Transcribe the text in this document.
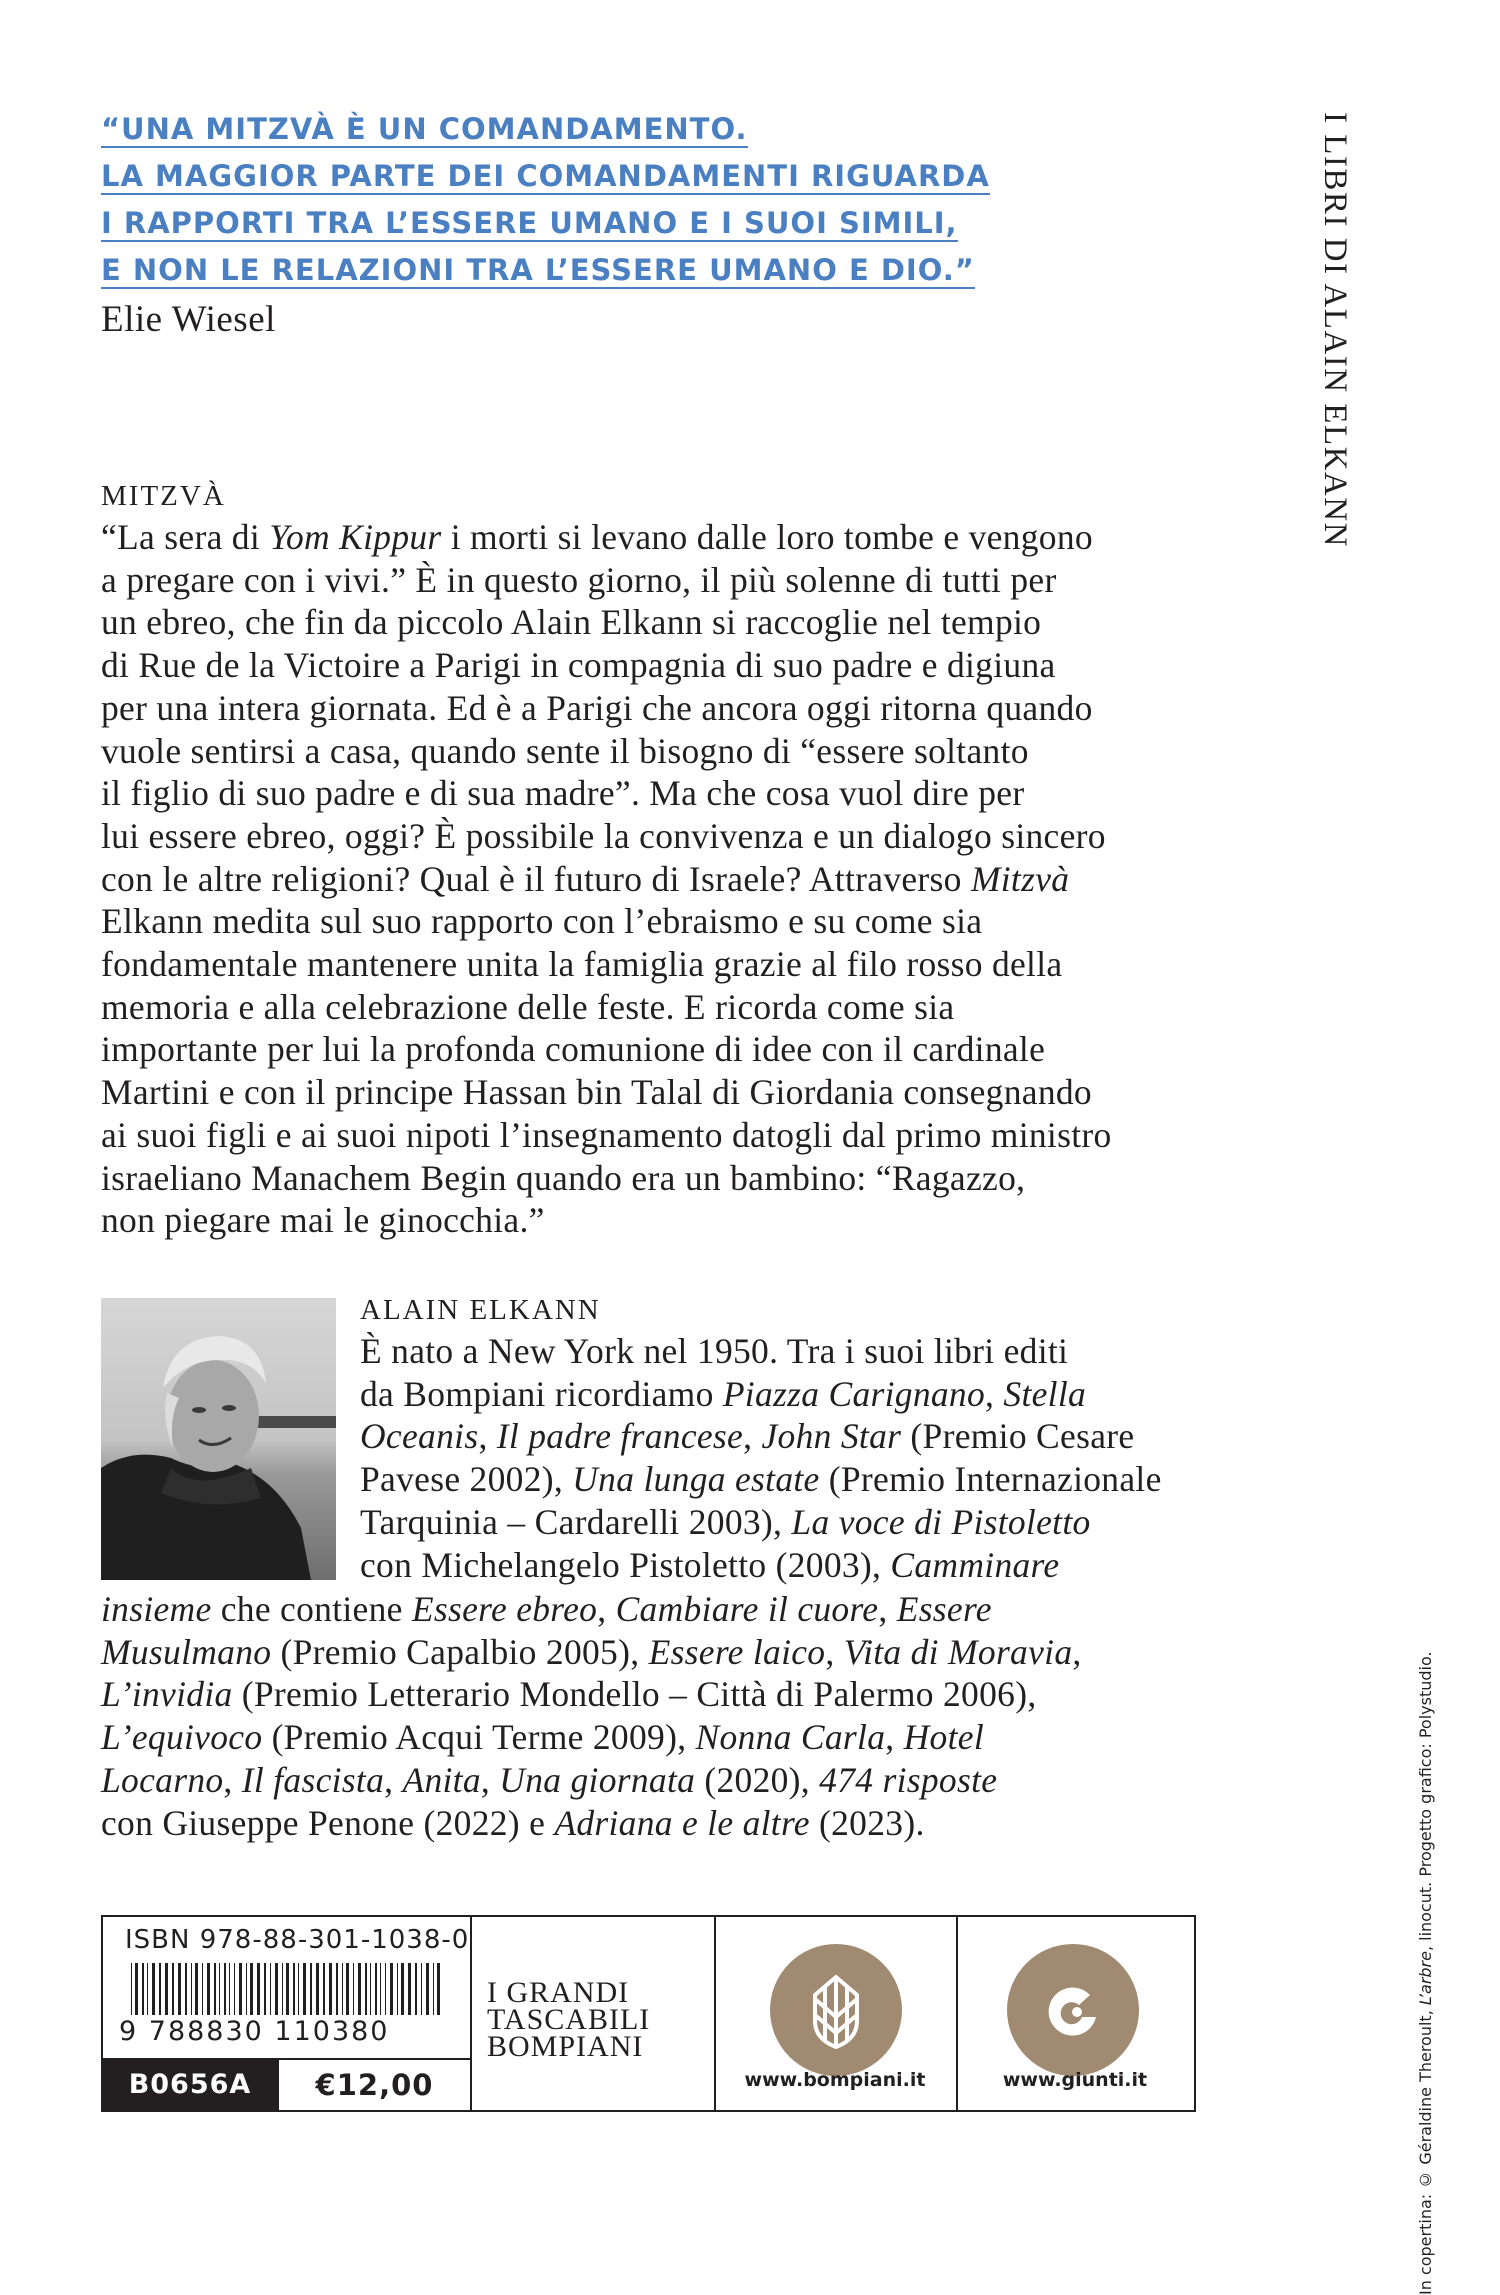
I LIBRI DI ALAIN ELKANN
“UNA MITZVÀ È UN COMANDAMENTO.
LA MAGGIOR PARTE DEI COMANDAMENTI RIGUARDA
I RAPPORTI TRA L’ESSERE UMANO E I SUOI SIMILI,
E NON LE RELAZIONI TRA L’ESSERE UMANO E DIO.”
Elie Wiesel
MITZVÀ
“La sera di Yom Kippur i morti si levano dalle loro tombe e vengono
a pregare con i vivi.” È in questo giorno, il più solenne di tutti per
un ebreo, che fin da piccolo Alain Elkann si raccoglie nel tempio
di Rue de la Victoire a Parigi in compagnia di suo padre e digiuna
per una intera giornata. Ed è a Parigi che ancora oggi ritorna quando
vuole sentirsi a casa, quando sente il bisogno di “essere soltanto
il figlio di suo padre e di sua madre”. Ma che cosa vuol dire per
lui essere ebreo, oggi? È possibile la convivenza e un dialogo sincero
con le altre religioni? Qual è il futuro di Israele? Attraverso Mitzvà
Elkann medita sul suo rapporto con l’ebraismo e su come sia
fondamentale mantenere unita la famiglia grazie al filo rosso della
memoria e alla celebrazione delle feste. E ricorda come sia
importante per lui la profonda comunione di idee con il cardinale
Martini e con il principe Hassan bin Talal di Giordania consegnando
ai suoi figli e ai suoi nipoti l’insegnamento datogli dal primo ministro
israeliano Manachem Begin quando era un bambino: “Ragazzo,
non piegare mai le ginocchia.”
ALAIN ELKANN
È nato a New York nel 1950. Tra i suoi libri editi
da Bompiani ricordiamo Piazza Carignano, Stella
Oceanis, Il padre francese, John Star (Premio Cesare
Pavese 2002), Una lunga estate (Premio Internazionale
Tarquinia – Cardarelli 2003), La voce di Pistoletto
con Michelangelo Pistoletto (2003), Camminare
insieme che contiene Essere ebreo, Cambiare il cuore, Essere
Musulmano (Premio Capalbio 2005), Essere laico, Vita di Moravia,
L’invidia (Premio Letterario Mondello – Città di Palermo 2006),
L’equivoco (Premio Acqui Terme 2009), Nonna Carla, Hotel
Locarno, Il fascista, Anita, Una giornata (2020), 474 risposte
con Giuseppe Penone (2022) e Adriana e le altre (2023).
ISBN 978-88-301-1038-0
9 788830 110380
B0656A	€12,00
I GRANDI
TASCABILI
BOMPIANI
www.bompiani.it	www.giunti.it	In copertina: © Géraldine Theroult, L’arbre, linocut. Progetto grafico: Polystudio.
